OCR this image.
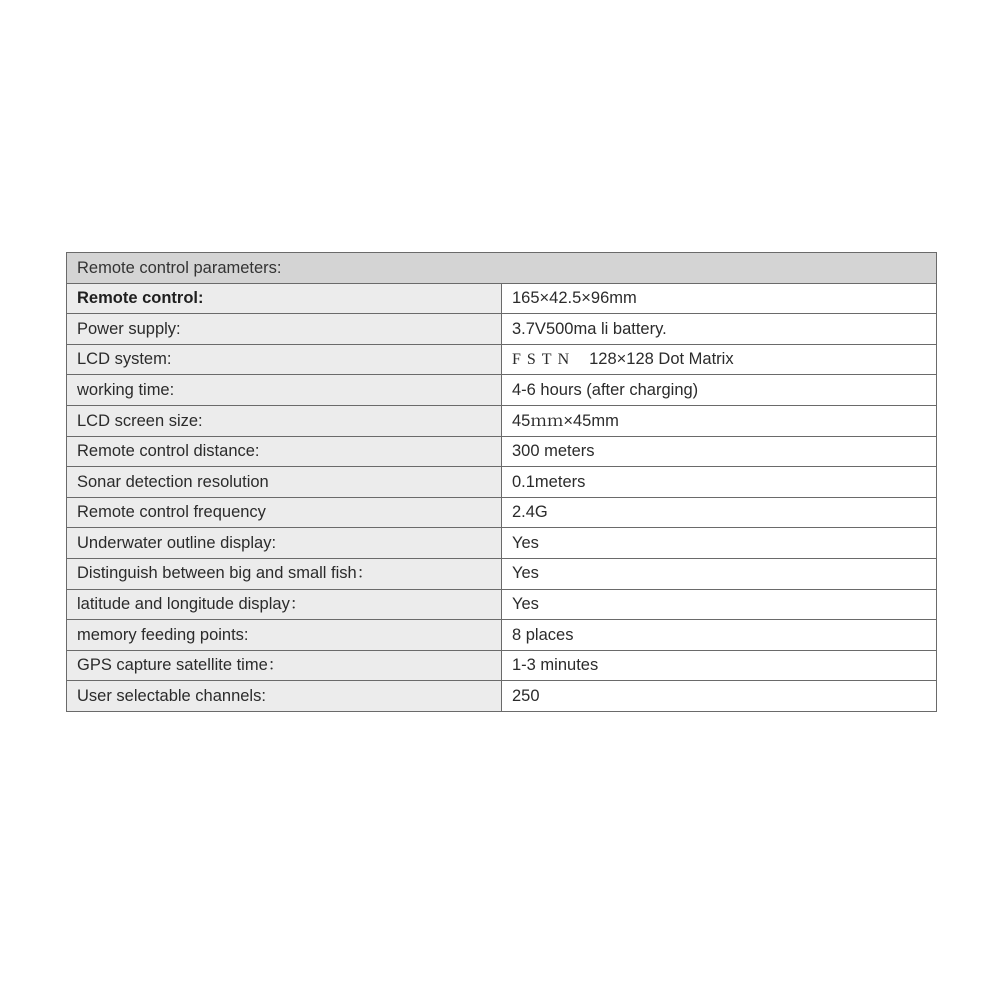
Remote control parameters:	
Remote control:	165×42.5×96mm
Power supply:	3.7V500ma li battery.
LCD system:	FSTN 128×128 Dot Matrix
working time:	4-6 hours (after charging)
LCD screen size:	45ｍｍ×45mm
Remote control distance:	300 meters
Sonar detection resolution	0.1meters
Remote control frequency	2.4G
Underwater outline display:	Yes
Distinguish between big and small fish：	Yes
latitude and longitude display：	Yes
memory feeding points:	8 places
GPS capture satellite time：	1-3 minutes
User selectable channels:	250
